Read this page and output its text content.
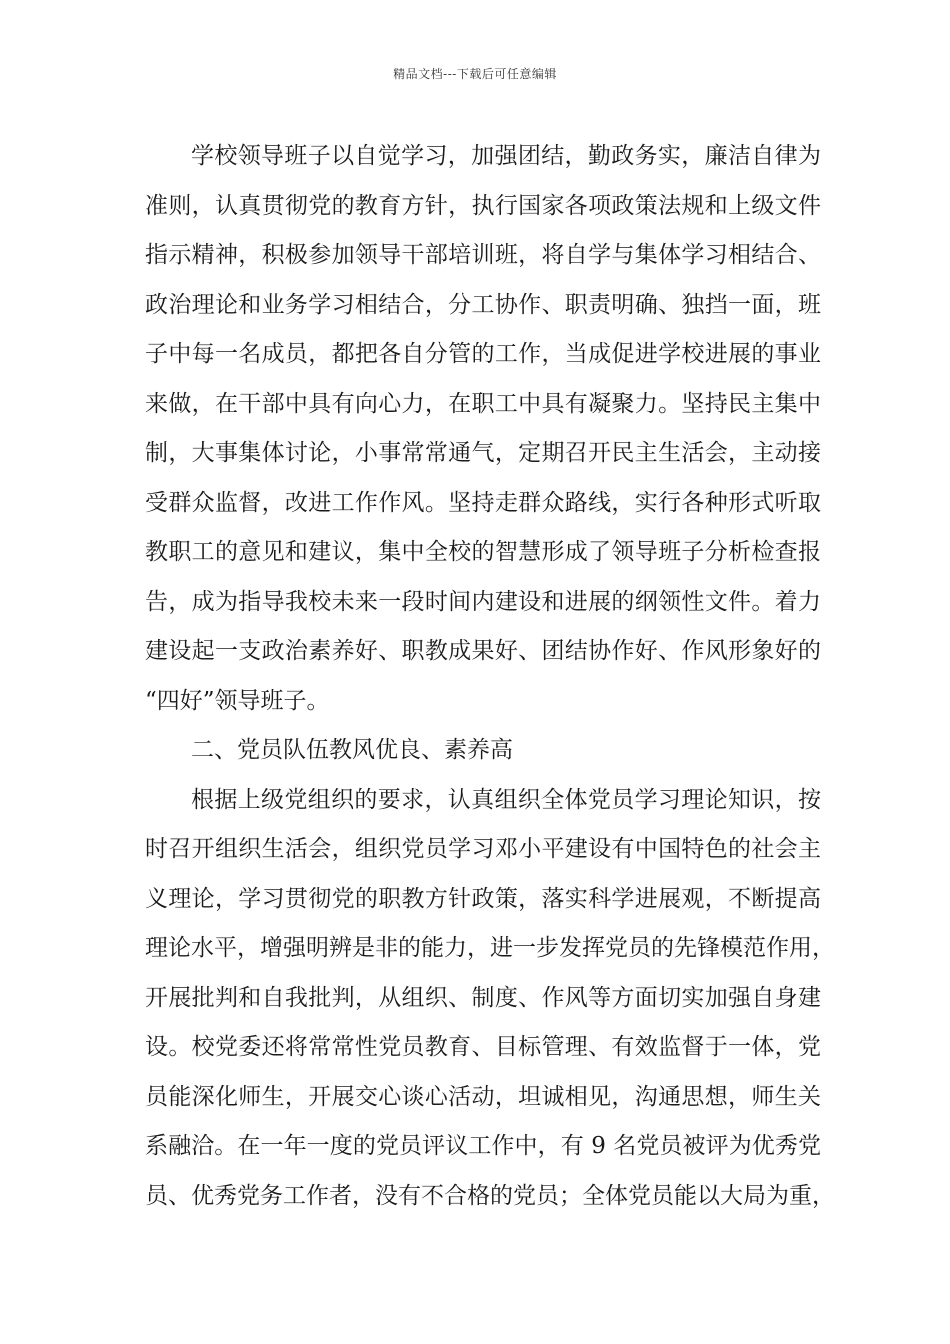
精品文档---下载后可任意编辑
学校领导班子以自觉学习，加强团结，勤政务实，廉洁自律为
准则，认真贯彻党的教育方针，执行国家各项政策法规和上级文件
指示精神，积极参加领导干部培训班，将自学与集体学习相结合、
政治理论和业务学习相结合，分工协作、职责明确、独挡一面，班
子中每一名成员，都把各自分管的工作，当成促进学校进展的事业
来做，在干部中具有向心力，在职工中具有凝聚力。坚持民主集中
制，大事集体讨论，小事常常通气，定期召开民主生活会，主动接
受群众监督，改进工作作风。坚持走群众路线，实行各种形式听取
教职工的意见和建议，集中全校的智慧形成了领导班子分析检查报
告，成为指导我校未来一段时间内建设和进展的纲领性文件。着力
建设起一支政治素养好、职教成果好、团结协作好、作风形象好的
“四好”领导班子。
二、党员队伍教风优良、素养高
根据上级党组织的要求，认真组织全体党员学习理论知识，按
时召开组织生活会，组织党员学习邓小平建设有中国特色的社会主
义理论，学习贯彻党的职教方针政策，落实科学进展观，不断提高
理论水平，增强明辨是非的能力，进一步发挥党员的先锋模范作用，
开展批判和自我批判，从组织、制度、作风等方面切实加强自身建
设。校党委还将常常性党员教育、目标管理、有效监督于一体，党
员能深化师生，开展交心谈心活动，坦诚相见，沟通思想，师生关
系融洽。在一年一度的党员评议工作中，有 9 名党员被评为优秀党
员、优秀党务工作者，没有不合格的党员；全体党员能以大局为重，
